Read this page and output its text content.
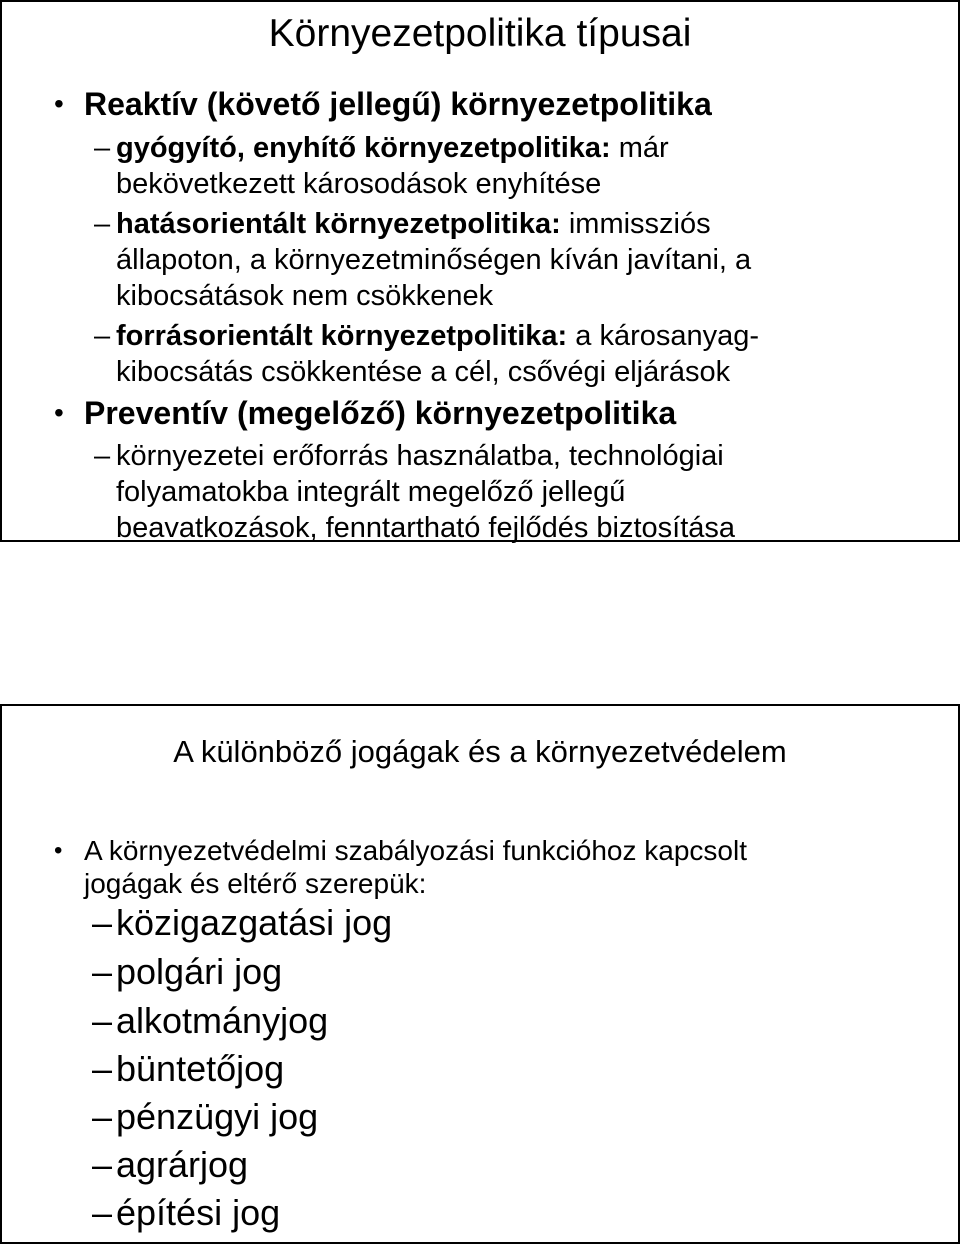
Környezetpolitika típusai
• Reaktív (követő jellegű) környezetpolitika
– gyógyító, enyhítő környezetpolitika: már
bekövetkezett károsodások enyhítése
– hatásorientált környezetpolitika: immissziós
állapoton, a környezetminőségen kíván javítani, a
kibocsátások nem csökkenek
– forrásorientált környezetpolitika: a károsanyag-
kibocsátás csökkentése a cél, csővégi eljárások
• Preventív (megelőző) környezetpolitika
– környezetei erőforrás használatba, technológiai
folyamatokba integrált megelőző jellegű
beavatkozások, fenntartható fejlődés biztosítása
A különböző jogágak és a környezetvédelem
• A környezetvédelmi szabályozási funkcióhoz kapcsolt
jogágak és eltérő szerepük:
– közigazgatási jog
– polgári jog
– alkotmányjog
– büntetőjog
– pénzügyi jog
– agrárjog
– építési jog
